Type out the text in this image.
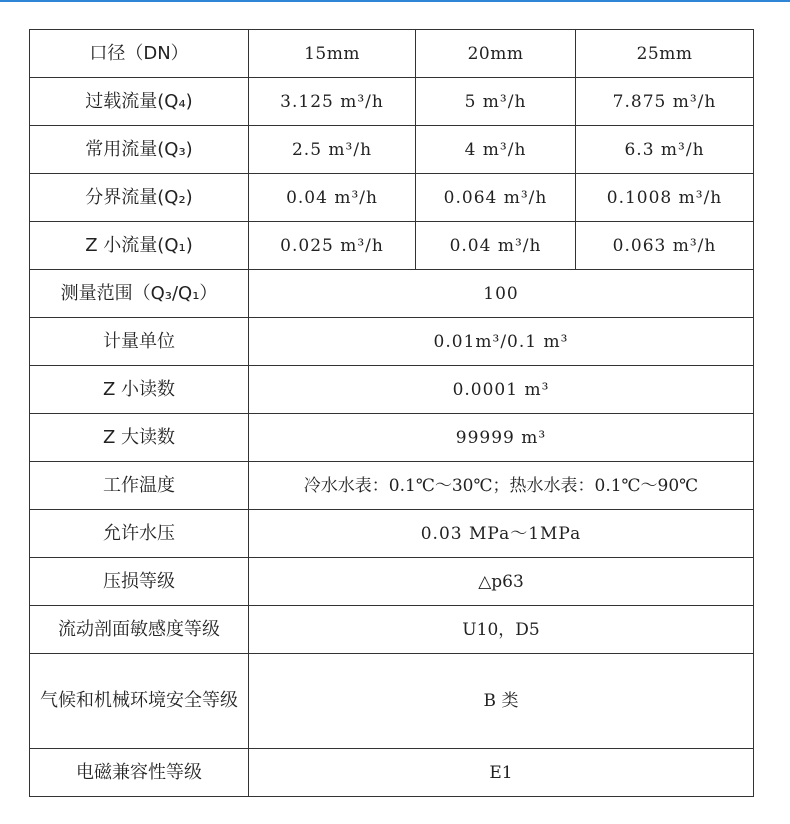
口径（DN）	15mm	20mm	25mm
过载流量(Q₄)	3.125 m³/h	5 m³/h	7.875 m³/h
常用流量(Q₃)	2.5 m³/h	4 m³/h	6.3 m³/h
分界流量(Q₂)	0.04 m³/h	0.064 m³/h	0.1008 m³/h
Z 小流量(Q₁)	0.025 m³/h	0.04 m³/h	0.063 m³/h
测量范围（Q₃/Q₁）	100		
计量单位	0.01m³/0.1 m³		
Z 小读数	0.0001 m³		
Z 大读数	99999 m³		
工作温度	冷水水表：0.1℃～30℃；热水水表：0.1℃～90℃		
允许水压	0.03 MPa～1MPa		
压损等级	△p63		
流动剖面敏感度等级	U10，D5		
气候和机械环境安全等级	B 类		
电磁兼容性等级	E1		
